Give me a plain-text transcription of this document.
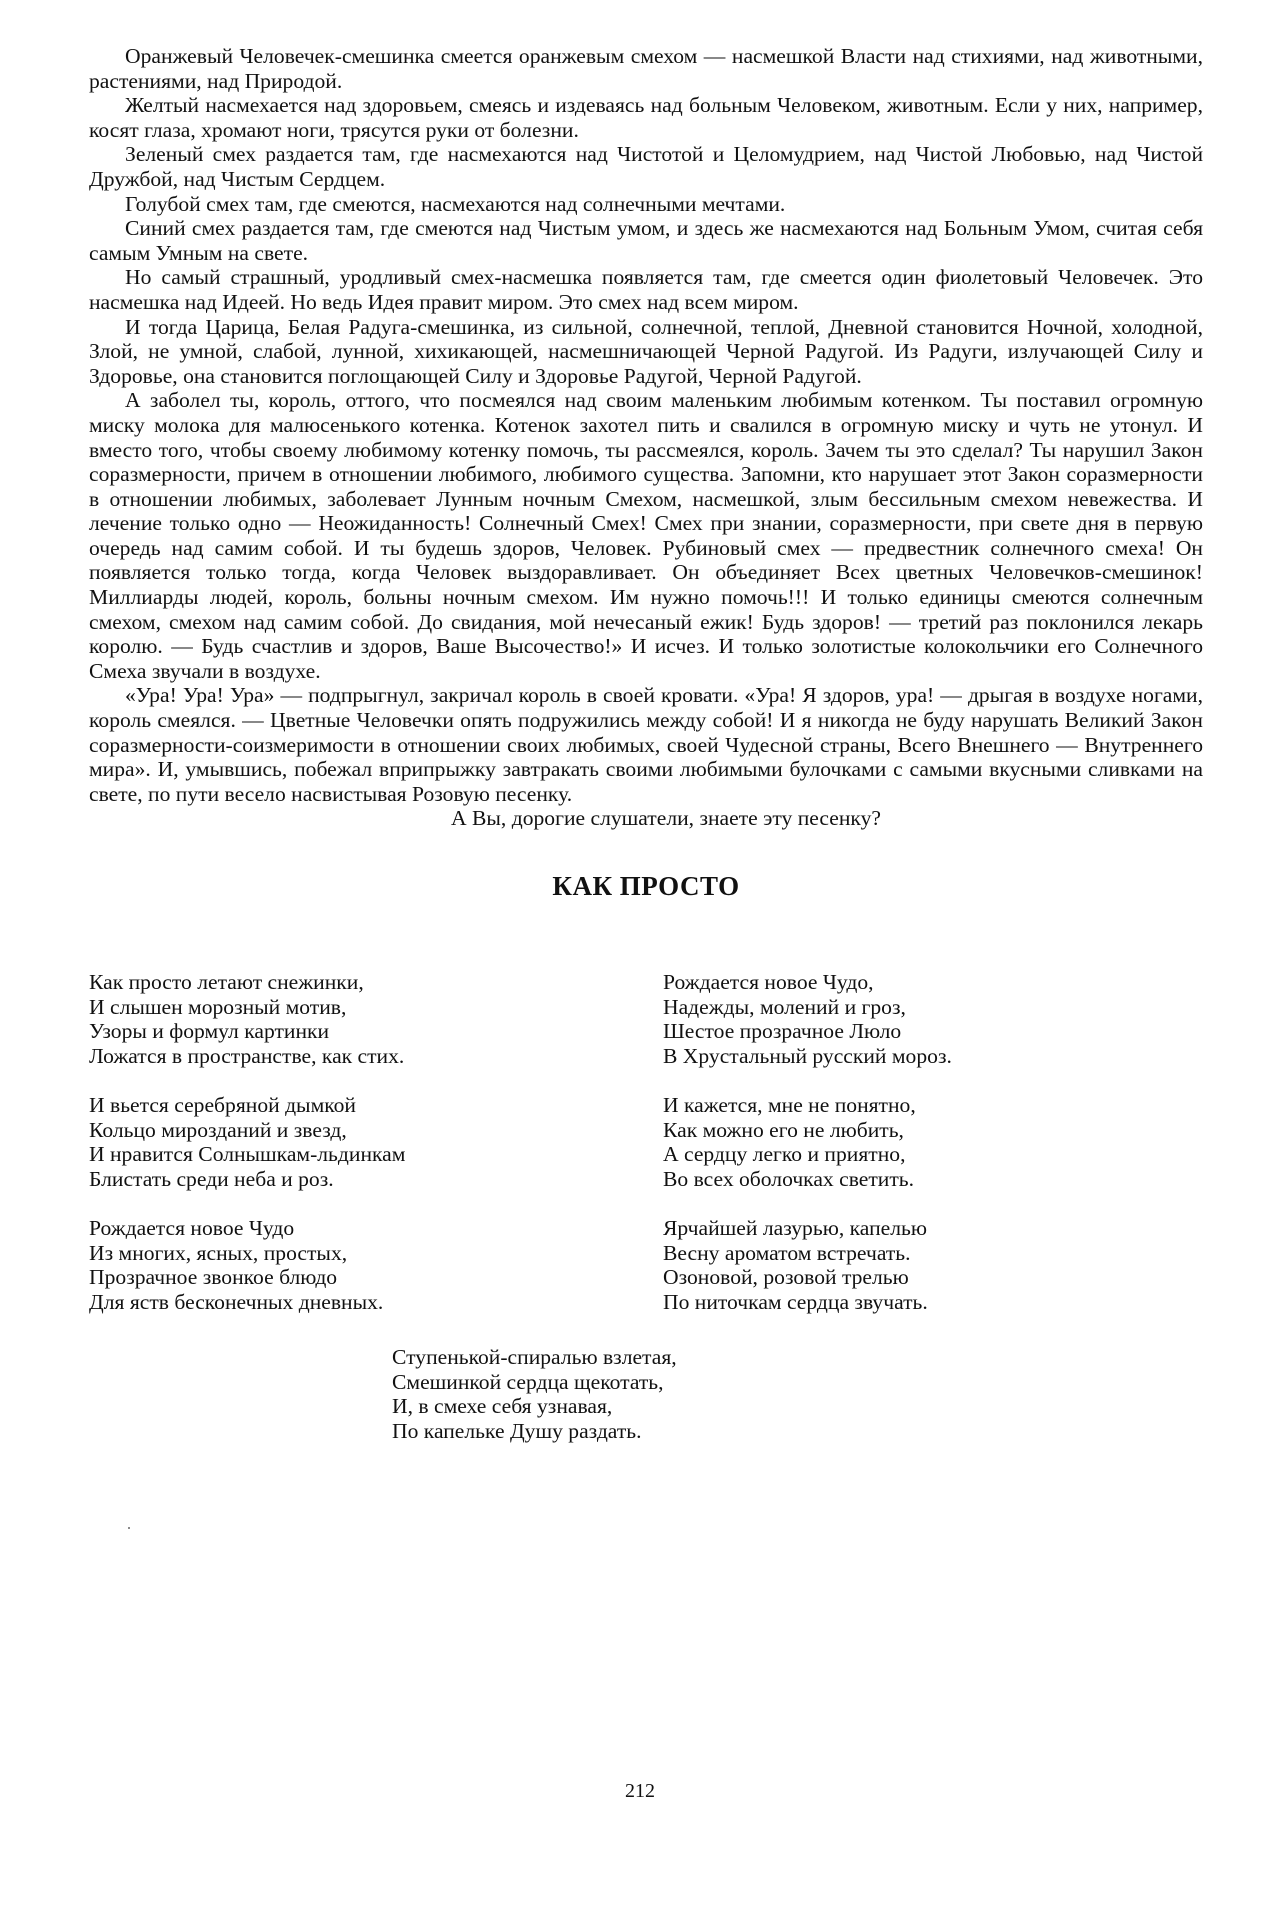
Оранжевый Человечек-смешинка смеется оранжевым смехом — насмешкой Власти над стихиями, над животными, растениями, над Природой.

Желтый насмехается над здоровьем, смеясь и издеваясь над больным Человеком, животным. Если у них, например, косят глаза, хромают ноги, трясутся руки от болезни.

Зеленый смех раздается там, где насмехаются над Чистотой и Целомудрием, над Чистой Любовью, над Чистой Дружбой, над Чистым Сердцем.

Голубой смех там, где смеются, насмехаются над солнечными мечтами.

Синий смех раздается там, где смеются над Чистым умом, и здесь же насмехаются над Больным Умом, считая себя самым Умным на свете.

Но самый страшный, уродливый смех-насмешка появляется там, где смеется один фиолетовый Человечек. Это насмешка над Идеей. Но ведь Идея правит миром. Это смех над всем миром.

И тогда Царица, Белая Радуга-смешинка, из сильной, солнечной, теплой, Дневной становится Ночной, холодной, Злой, не умной, слабой, лунной, хихикающей, насмешничающей Черной Радугой. Из Радуги, излучающей Силу и Здоровье, она становится поглощающей Силу и Здоровье Радугой, Черной Радугой.

А заболел ты, король, оттого, что посмеялся над своим маленьким любимым котенком. Ты поставил огромную миску молока для малюсенького котенка. Котенок захотел пить и свалился в огромную миску и чуть не утонул. И вместо того, чтобы своему любимому котенку помочь, ты рассмеялся, король. Зачем ты это сделал? Ты нарушил Закон соразмерности, причем в отношении любимого, любимого существа. Запомни, кто нарушает этот Закон соразмерности в отношении любимых, заболевает Лунным ночным Смехом, насмешкой, злым бессильным смехом невежества. И лечение только одно — Неожиданность! Солнечный Смех! Смех при знании, соразмерности, при свете дня в первую очередь над самим собой. И ты будешь здоров, Человек. Рубиновый смех — предвестник солнечного смеха! Он появляется только тогда, когда Человек выздоравливает. Он объединяет Всех цветных Человечков-смешинок! Миллиарды людей, король, больны ночным смехом. Им нужно помочь!!! И только единицы смеются солнечным смехом, смехом над самим собой. До свидания, мой нечесаный ежик! Будь здоров! — третий раз поклонился лекарь королю. — Будь счастлив и здоров, Ваше Высочество!» И исчез. И только золотистые колокольчики его Солнечного Смеха звучали в воздухе.

«Ура! Ура! Ура» — подпрыгнул, закричал король в своей кровати. «Ура! Я здоров, ура! — дрыгая в воздухе ногами, король смеялся. — Цветные Человечки опять подружились между собой! И я никогда не буду нарушать Великий Закон соразмерности-соизмеримости в отношении своих любимых, своей Чудесной страны, Всего Внешнего — Внутреннего мира». И, умывшись, побежал вприпрыжку завтракать своими любимыми булочками с самыми вкусными сливками на свете, по пути весело насвистывая Розовую песенку.

А Вы, дорогие слушатели, знаете эту песенку?

КАК ПРОСТО
Как просто летают снежинки,
И слышен морозный мотив,
Узоры и формул картинки
Ложатся в пространстве, как стих.
И вьется серебряной дымкой
Кольцо мирозданий и звезд,
И нравится Солнышкам-льдинкам
Блистать среди неба и роз.
Рождается новое Чудо
Из многих, ясных, простых,
Прозрачное звонкое блюдо
Для яств бесконечных дневных.
Рождается новое Чудо,
Надежды, молений и гроз,
Шестое прозрачное Люло
В Хрустальный русский мороз.
И кажется, мне не понятно,
Как можно его не любить,
А сердцу легко и приятно,
Во всех оболочках светить.
Ярчайшей лазурью, капелью
Весну ароматом встречать.
Озоновой, розовой трелью
По ниточкам сердца звучать.
Ступенькой-спиралью взлетая,
Смешинкой сердца щекотать,
И, в смехе себя узнавая,
По капельке Душу раздать.
212
